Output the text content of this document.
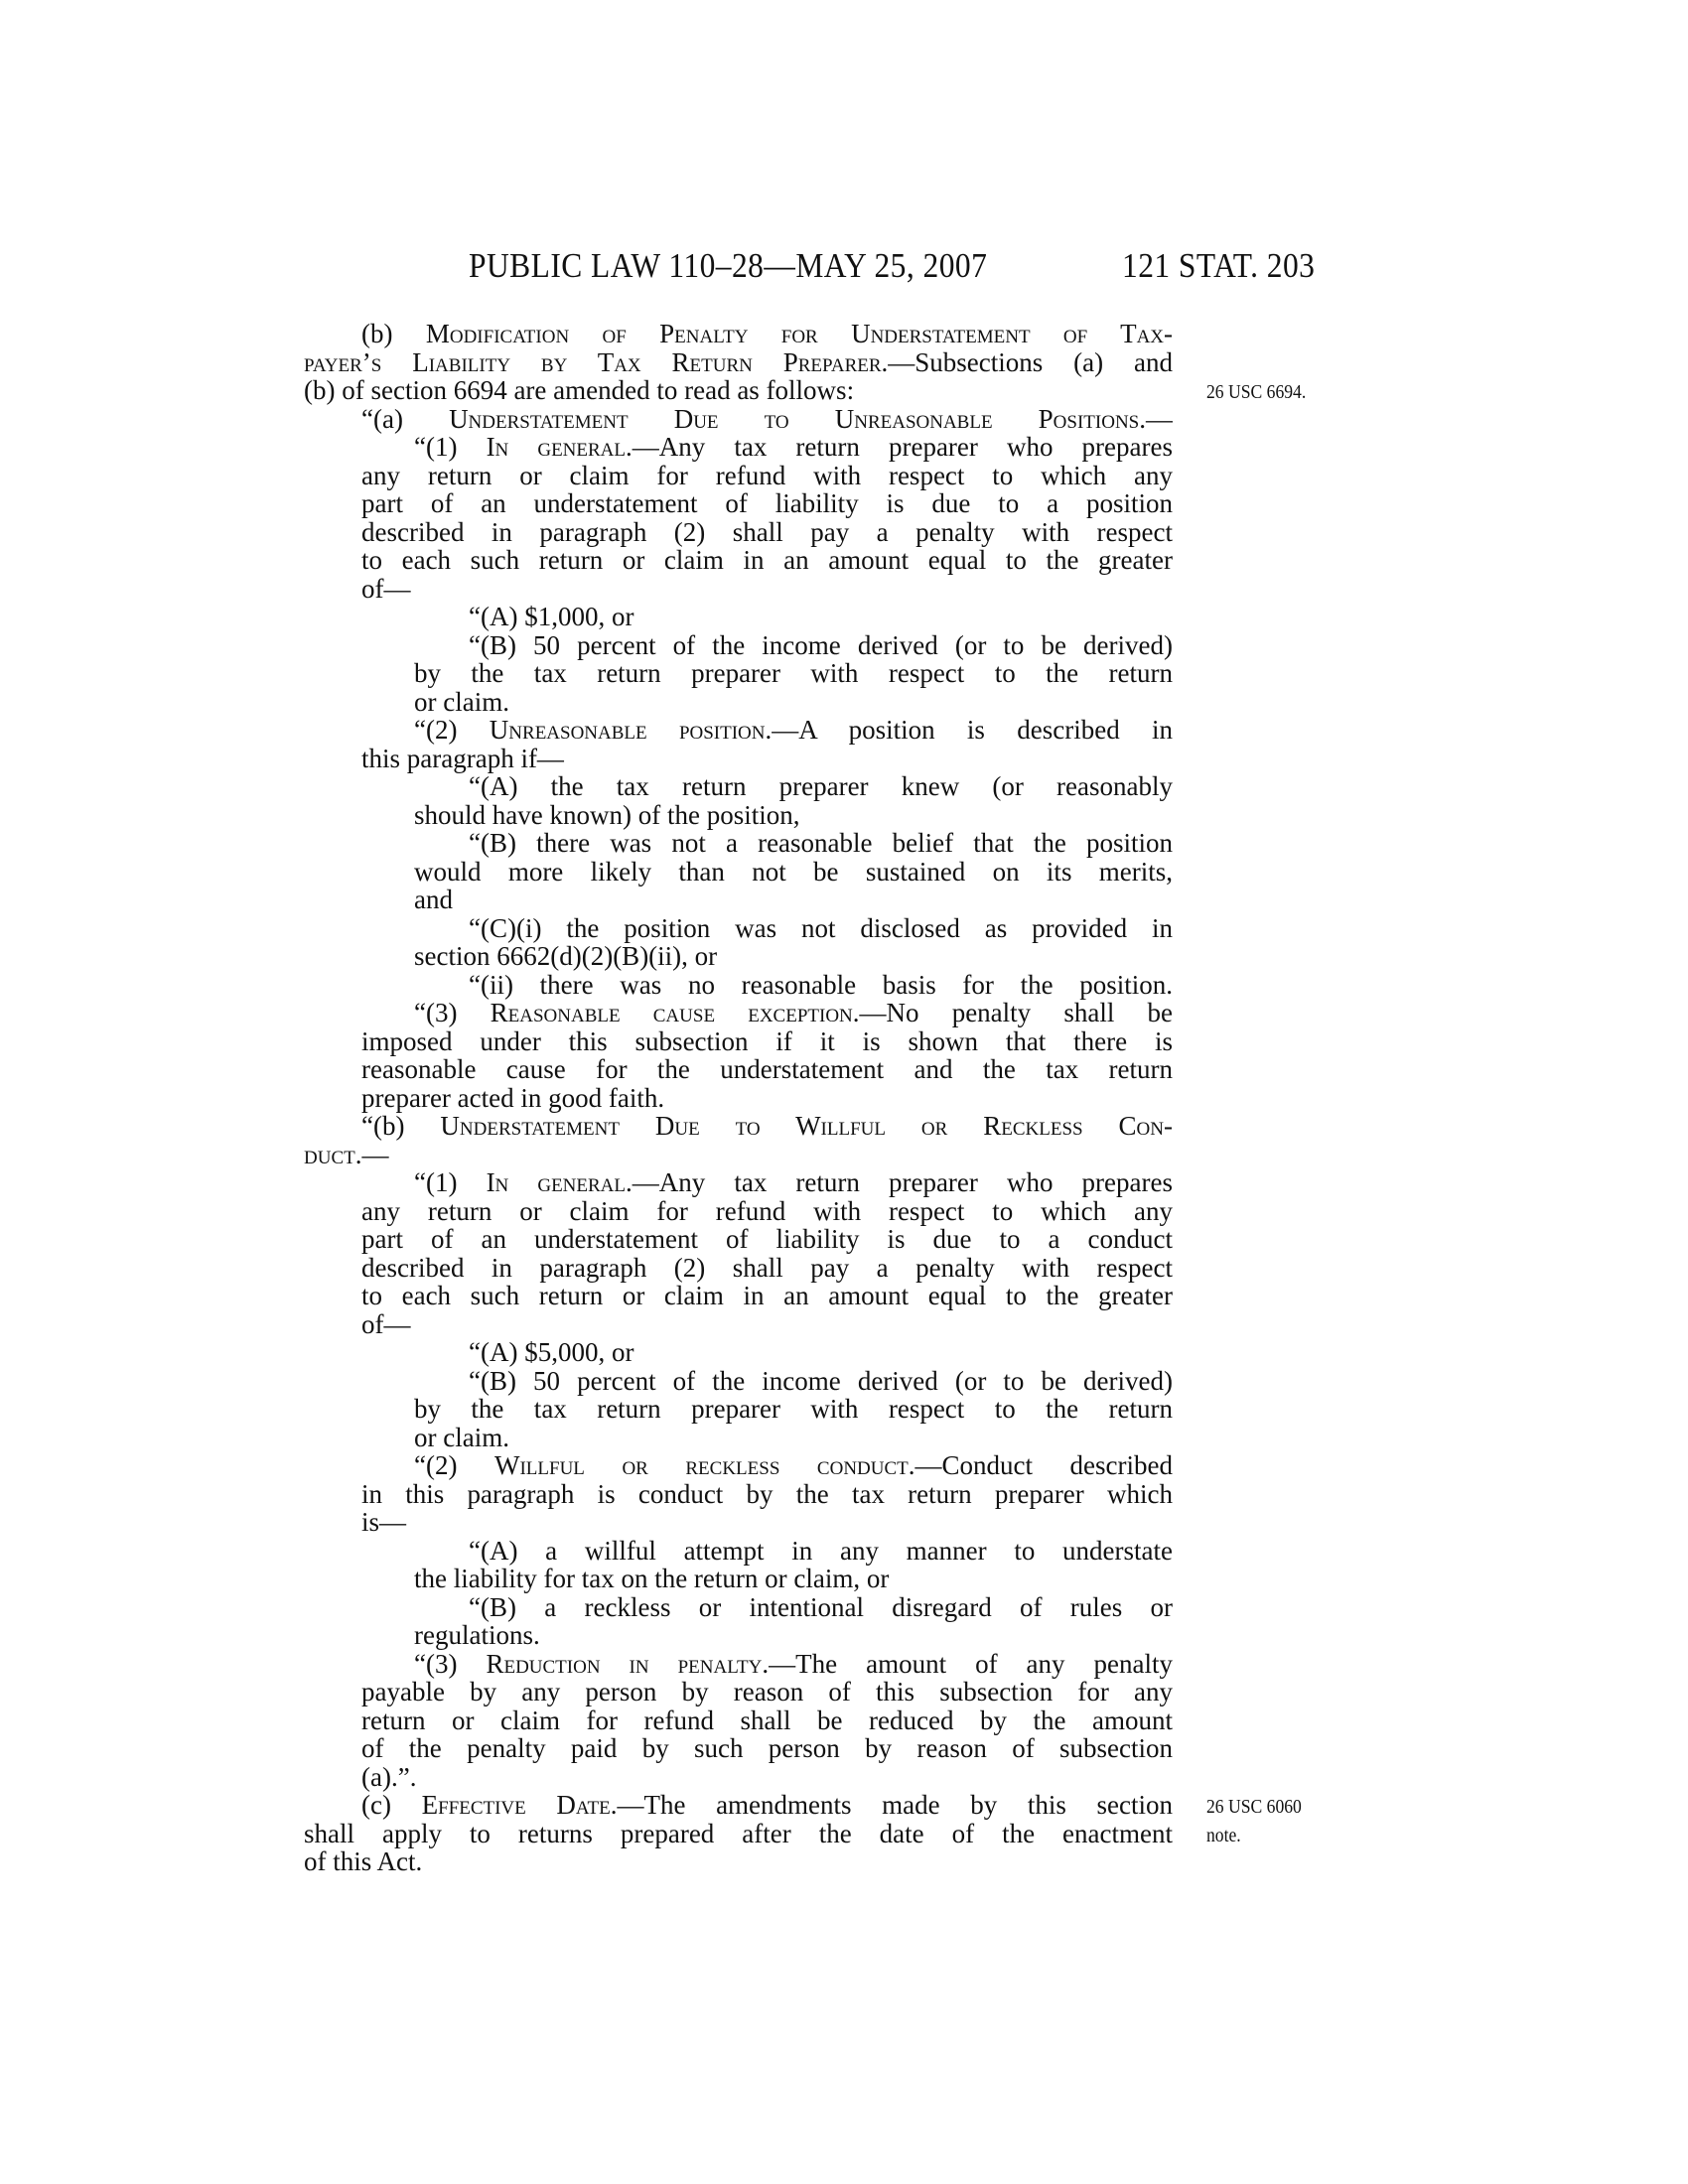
PUBLIC LAW 110–28—MAY 25, 2007	121 STAT. 203
(b) Modification of Penalty for Understatement of Tax-
payer’s Liability by Tax Return Preparer.—Subsections (a) and
(b) of section 6694 are amended to read as follows:	26 USC 6694.
“(a) Understatement Due to Unreasonable Positions.—
“(1) In general.—Any tax return preparer who prepares
any return or claim for refund with respect to which any
part of an understatement of liability is due to a position
described in paragraph (2) shall pay a penalty with respect
to each such return or claim in an amount equal to the greater
of—
“(A) $1,000, or
“(B) 50 percent of the income derived (or to be derived)
by the tax return preparer with respect to the return
or claim.
“(2) Unreasonable position.—A position is described in
this paragraph if—
“(A) the tax return preparer knew (or reasonably
should have known) of the position,
“(B) there was not a reasonable belief that the position
would more likely than not be sustained on its merits,
and
“(C)(i) the position was not disclosed as provided in
section 6662(d)(2)(B)(ii), or
“(ii) there was no reasonable basis for the position.
“(3) Reasonable cause exception.—No penalty shall be
imposed under this subsection if it is shown that there is
reasonable cause for the understatement and the tax return
preparer acted in good faith.
“(b) Understatement Due to Willful or Reckless Con-
duct.—
“(1) In general.—Any tax return preparer who prepares
any return or claim for refund with respect to which any
part of an understatement of liability is due to a conduct
described in paragraph (2) shall pay a penalty with respect
to each such return or claim in an amount equal to the greater
of—
“(A) $5,000, or
“(B) 50 percent of the income derived (or to be derived)
by the tax return preparer with respect to the return
or claim.
“(2) Willful or reckless conduct.—Conduct described
in this paragraph is conduct by the tax return preparer which
is—
“(A) a willful attempt in any manner to understate
the liability for tax on the return or claim, or
“(B) a reckless or intentional disregard of rules or
regulations.
“(3) Reduction in penalty.—The amount of any penalty
payable by any person by reason of this subsection for any
return or claim for refund shall be reduced by the amount
of the penalty paid by such person by reason of subsection
(a).”.
(c) Effective Date.—The amendments made by this section 26 USC 6060
shall apply to returns prepared after the date of the enactment note.
of this Act.
